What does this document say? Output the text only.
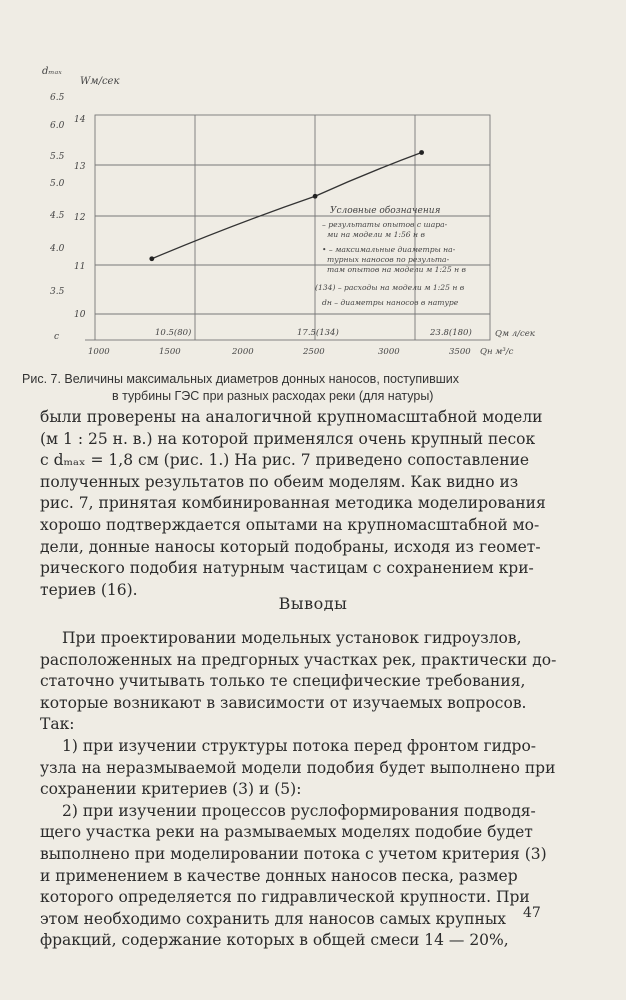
dₘₐₓ
Wм/сек
6.5
6.0
5.5
5.0
4.5
4.0
3.5
c
14
13
12
11
10
Условные обозначения
– результаты опытов с шара-
ми на модели м 1:56 н в
• – максимальные диаметры на-
турных наносов по результа-
там опытов на модели м 1:25 н в
(134) – расходы на модели м 1:25 н в
dн – диаметры наносов в натуре
10.5(80)	17.5(134)	23.8(180)	Qм л/сек
1000	1500	2000	2500	3000	3500 Qн м³/с
Рис. 7. Величины максимальных диаметров донных наносов, поступивших
в турбины ГЭС при разных расходах реки (для натуры)

были проверены на аналогичной крупномасштабной модели

(м 1 : 25 н. в.) на которой применялся очень крупный песок

с dₘₐₓ = 1,8 см (рис. 1.) На рис. 7 приведено сопоставление

полученных результатов по обеим моделям. Как видно из

рис. 7, принятая комбинированная методика моделирования

хорошо подтверждается опытами на крупномасштабной мо-

дели, донные наносы который подобраны, исходя из геомет-

рического подобия натурным частицам с сохранением кри-

териев (16).

Выводы

При проектировании модельных установок гидроузлов,

расположенных на предгорных участках рек, практически до-

статочно учитывать только те специфические требования,

которые возникают в зависимости от изучаемых вопросов.

Так:

1) при изучении структуры потока перед фронтом гидро-

узла на неразмываемой модели подобия будет выполнено при

сохранении критериев (3) и (5):

2) при изучении процессов руслоформирования подводя-

щего участка реки на размываемых моделях подобие будет

выполнено при моделировании потока с учетом критерия (3)

и применением в качестве донных наносов песка, размер

которого определяется по гидравлической крупности. При

этом необходимо сохранить для наносов самых крупных

фракций, содержание которых в общей смеси 14 — 20%,

47
